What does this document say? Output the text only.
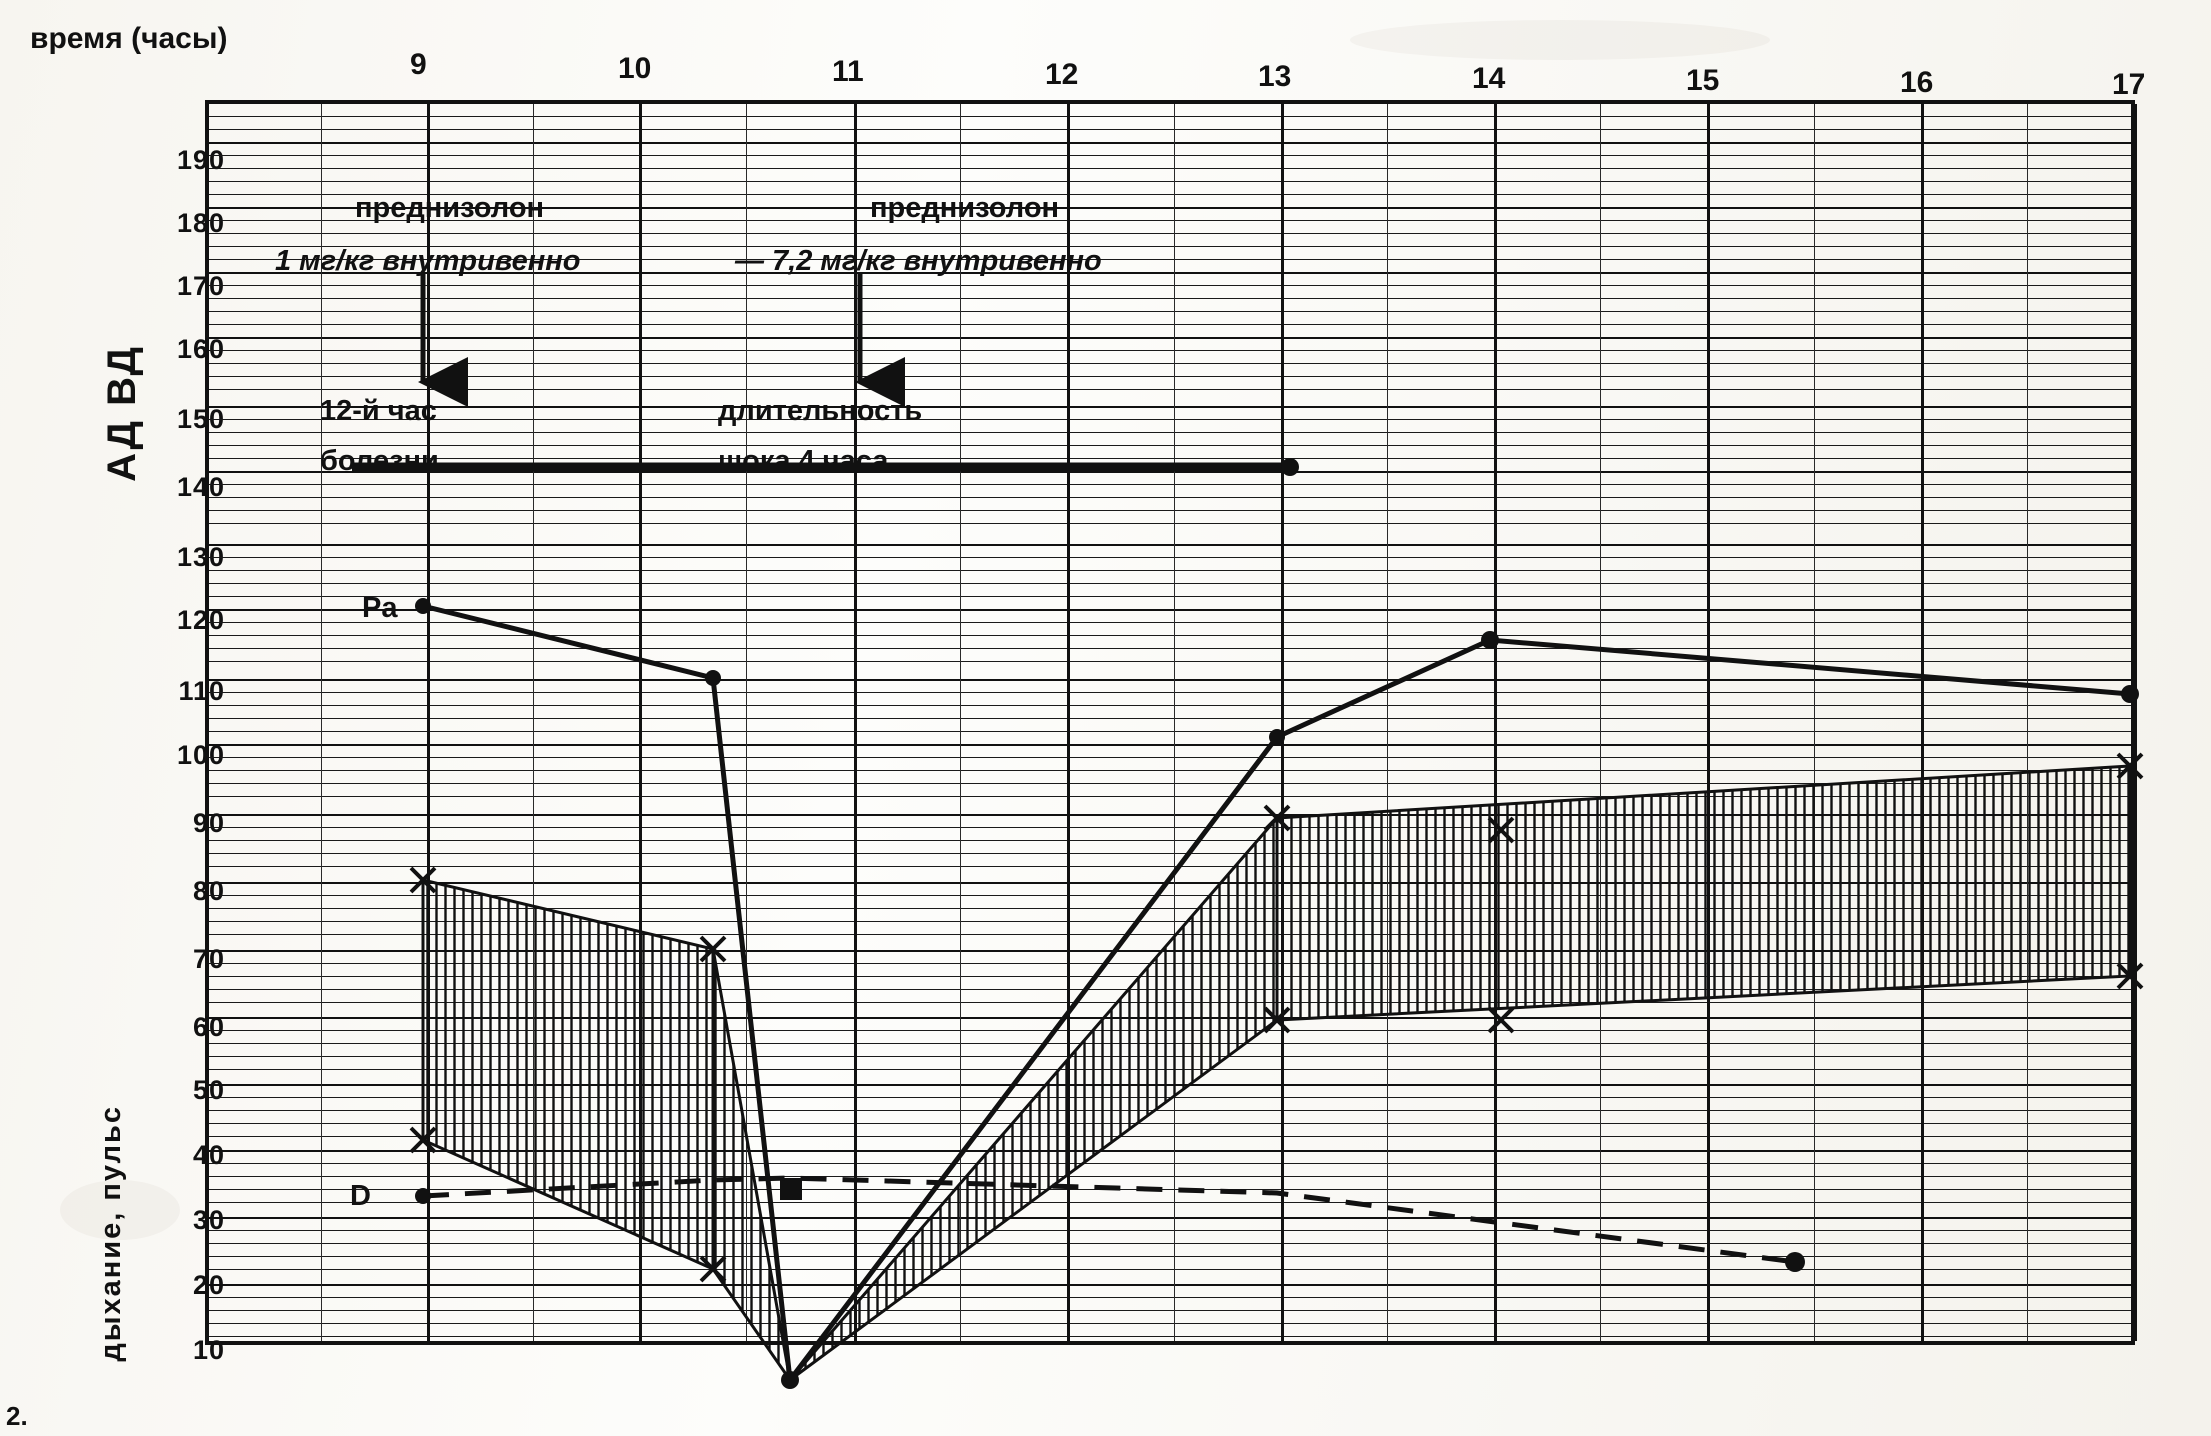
время (часы)
АД ВД
дыхание, пульс
190
180
170
160
150
140
130
120
110
100
90
80
70
60
50
40
30
20
10
9	10	11	12	13	14	15	16	17
преднизолон
1 мг/кг внутривенно
преднизолон
— 7,2 мг/кг внутривенно
12-й час
болезни
длительность
шока 4 часа
Pa
D
2.
